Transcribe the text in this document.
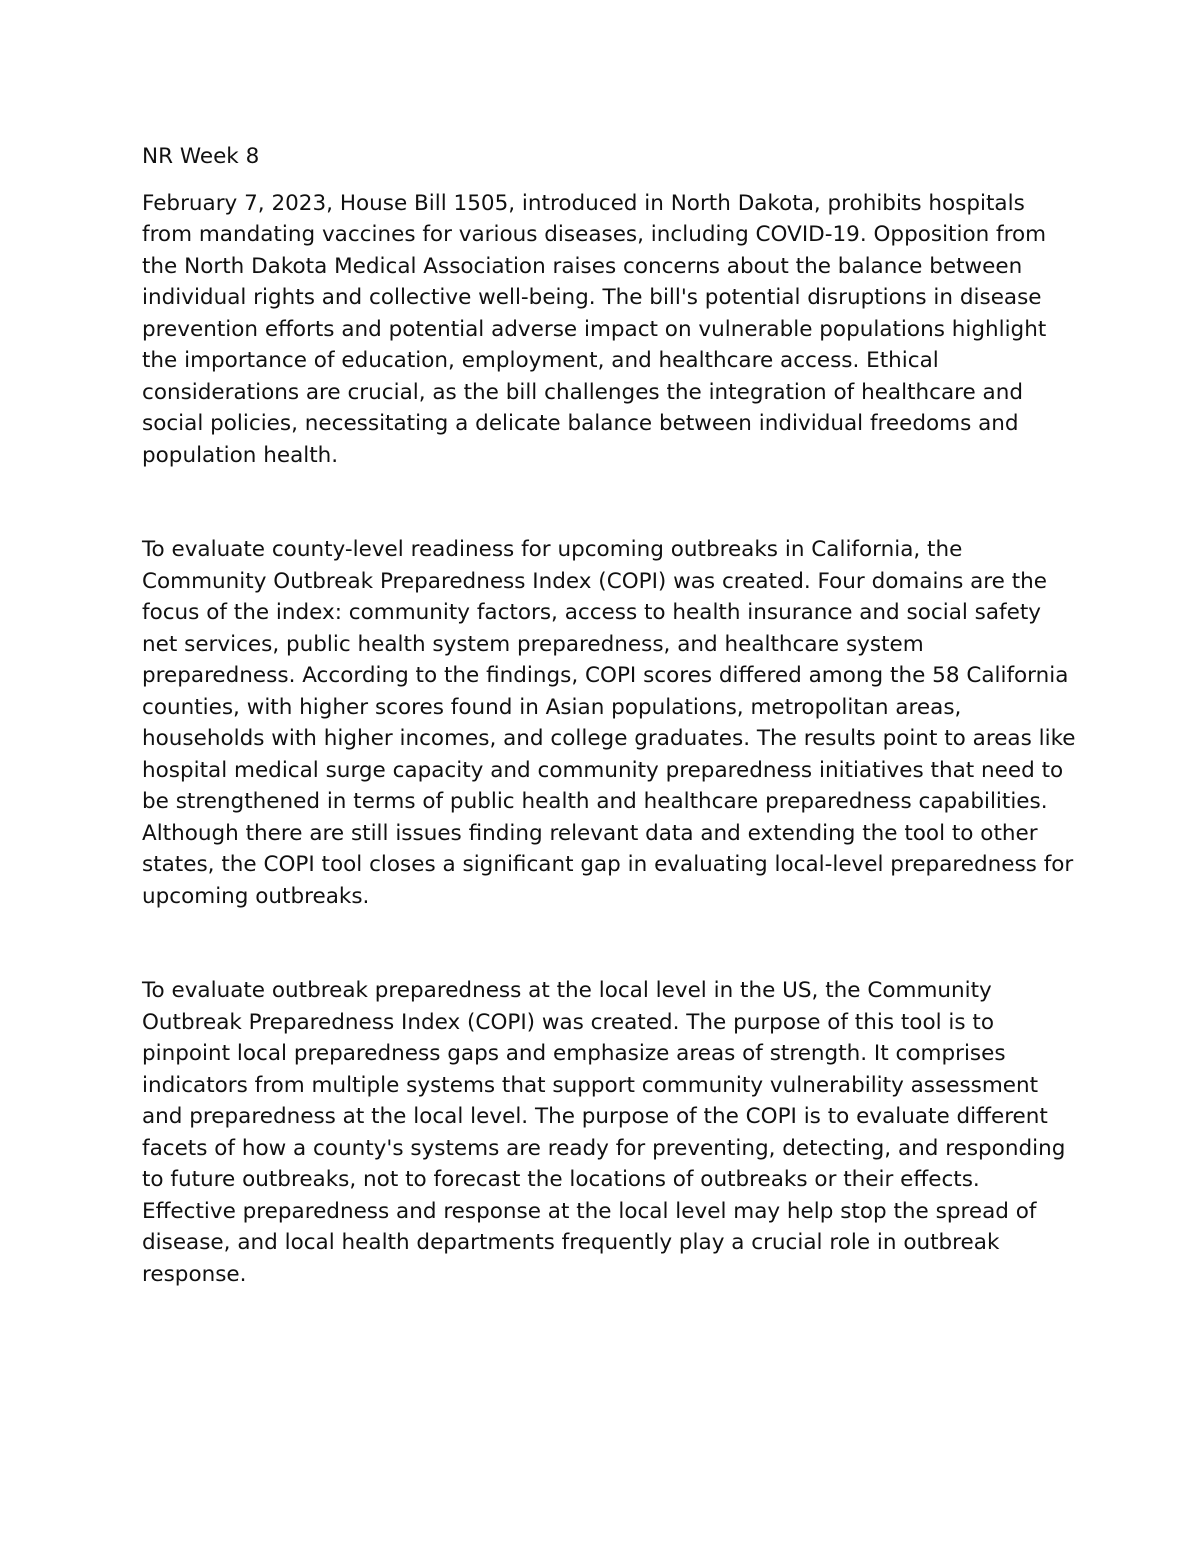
NR Week 8

February 7, 2023, House Bill 1505, introduced in North Dakota, prohibits hospitals from mandating vaccines for various diseases, including COVID-19. Opposition from the North Dakota Medical Association raises concerns about the balance between individual rights and collective well-being. The bill's potential disruptions in disease prevention efforts and potential adverse impact on vulnerable populations highlight the importance of education, employment, and healthcare access. Ethical considerations are crucial, as the bill challenges the integration of healthcare and social policies, necessitating a delicate balance between individual freedoms and population health.

To evaluate county-level readiness for upcoming outbreaks in California, the Community Outbreak Preparedness Index (COPI) was created. Four domains are the focus of the index: community factors, access to health insurance and social safety net services, public health system preparedness, and healthcare system preparedness. According to the findings, COPI scores differed among the 58 California counties, with higher scores found in Asian populations, metropolitan areas, households with higher incomes, and college graduates. The results point to areas like hospital medical surge capacity and community preparedness initiatives that need to be strengthened in terms of public health and healthcare preparedness capabilities. Although there are still issues finding relevant data and extending the tool to other states, the COPI tool closes a significant gap in evaluating local-level preparedness for upcoming outbreaks.

To evaluate outbreak preparedness at the local level in the US, the Community Outbreak Preparedness Index (COPI) was created. The purpose of this tool is to pinpoint local preparedness gaps and emphasize areas of strength. It comprises indicators from multiple systems that support community vulnerability assessment and preparedness at the local level. The purpose of the COPI is to evaluate different facets of how a county's systems are ready for preventing, detecting, and responding to future outbreaks, not to forecast the locations of outbreaks or their effects. Effective preparedness and response at the local level may help stop the spread of disease, and local health departments frequently play a crucial role in outbreak response.
